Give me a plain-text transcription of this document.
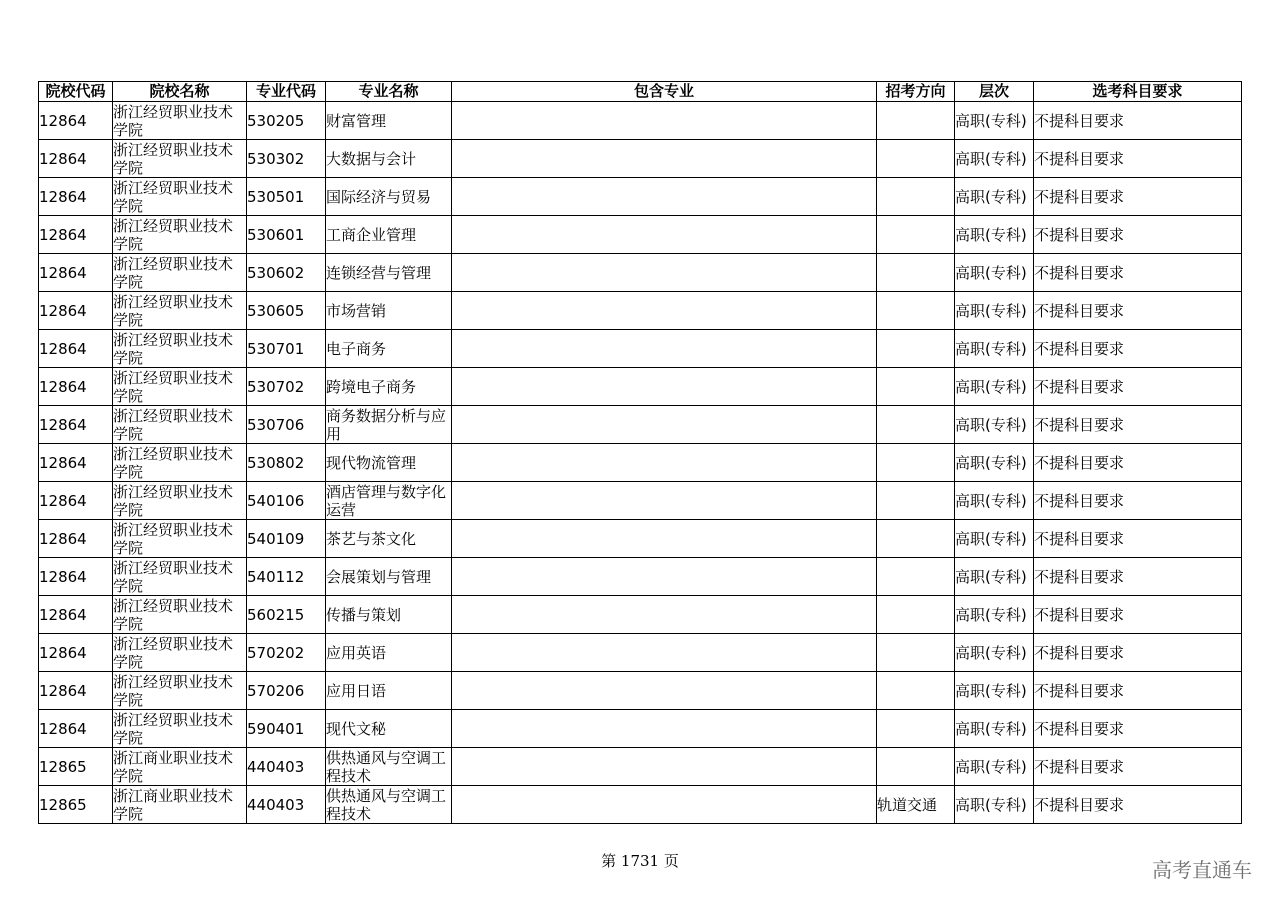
院校代码	院校名称	专业代码	专业名称	包含专业	招考方向	层次	选考科目要求
12864	浙江经贸职业技术学院	530205	财富管理			高职(专科)	不提科目要求
12864	浙江经贸职业技术学院	530302	大数据与会计			高职(专科)	不提科目要求
12864	浙江经贸职业技术学院	530501	国际经济与贸易			高职(专科)	不提科目要求
12864	浙江经贸职业技术学院	530601	工商企业管理			高职(专科)	不提科目要求
12864	浙江经贸职业技术学院	530602	连锁经营与管理			高职(专科)	不提科目要求
12864	浙江经贸职业技术学院	530605	市场营销			高职(专科)	不提科目要求
12864	浙江经贸职业技术学院	530701	电子商务			高职(专科)	不提科目要求
12864	浙江经贸职业技术学院	530702	跨境电子商务			高职(专科)	不提科目要求
12864	浙江经贸职业技术学院	530706	商务数据分析与应用			高职(专科)	不提科目要求
12864	浙江经贸职业技术学院	530802	现代物流管理			高职(专科)	不提科目要求
12864	浙江经贸职业技术学院	540106	酒店管理与数字化运营			高职(专科)	不提科目要求
12864	浙江经贸职业技术学院	540109	茶艺与茶文化			高职(专科)	不提科目要求
12864	浙江经贸职业技术学院	540112	会展策划与管理			高职(专科)	不提科目要求
12864	浙江经贸职业技术学院	560215	传播与策划			高职(专科)	不提科目要求
12864	浙江经贸职业技术学院	570202	应用英语			高职(专科)	不提科目要求
12864	浙江经贸职业技术学院	570206	应用日语			高职(专科)	不提科目要求
12864	浙江经贸职业技术学院	590401	现代文秘			高职(专科)	不提科目要求
12865	浙江商业职业技术学院	440403	供热通风与空调工程技术			高职(专科)	不提科目要求
12865	浙江商业职业技术学院	440403	供热通风与空调工程技术		轨道交通	高职(专科)	不提科目要求
第 1731 页	高考直通车
